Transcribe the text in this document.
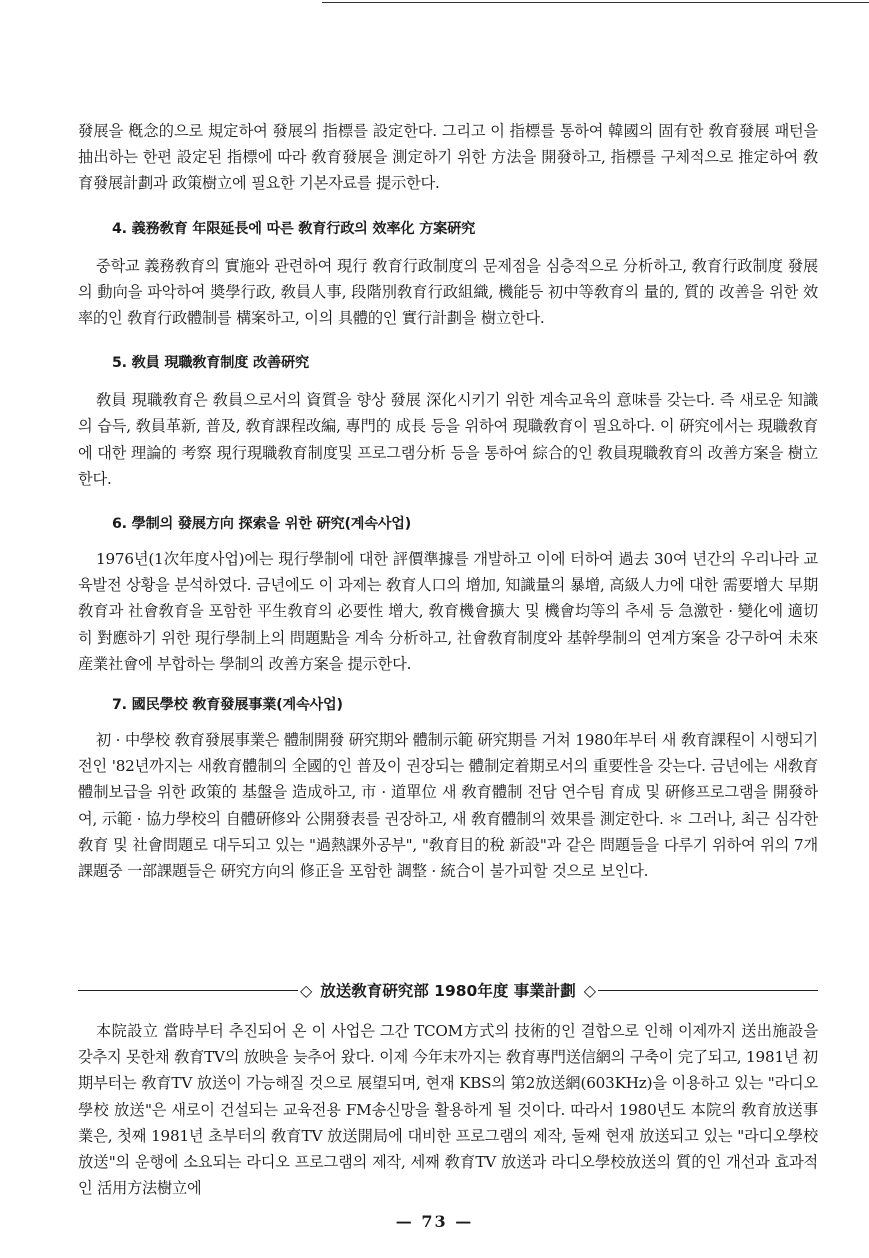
發展을 槪念的으로 規定하여 發展의 指標를 設定한다. 그리고 이 指標를 통하여 韓國의 固有한 敎育發展 패턴을 抽出하는 한편 設定된 指標에 따라 敎育發展을 測定하기 위한 方法을 開發하고, 指標를 구체적으로 推定하여 敎育發展計劃과 政策樹立에 필요한 기본자료를 提示한다.

4. 義務敎育 年限延長에 따른 敎育行政의 效率化 方案硏究

중학교 義務敎育의 實施와 관련하여 現行 敎育行政制度의 문제점을 심층적으로 分析하고, 敎育行政制度 發展의 動向을 파악하여 奬學行政, 敎員人事, 段階別敎育行政組織, 機能등 初中等敎育의 量的, 質的 改善을 위한 效率的인 敎育行政體制를 構案하고, 이의 具體的인 實行計劃을 樹立한다.

5. 敎員 現職敎育制度 改善硏究

敎員 現職敎育은 敎員으로서의 資質을 향상 發展 深化시키기 위한 계속교육의 意味를 갖는다. 즉 새로운 知識의 습득, 敎員革新, 普及, 敎育課程改編, 專門的 成長 등을 위하여 現職敎育이 필요하다. 이 硏究에서는 現職敎育에 대한 理論的 考察 現行現職敎育制度및 프로그램分析 등을 통하여 綜合的인 敎員現職敎育의 改善方案을 樹立한다.

6. 學制의 發展方向 探索을 위한 硏究(계속사업)

1976년(1次年度사업)에는 現行學制에 대한 評價準據를 개발하고 이에 터하여 過去 30여 년간의 우리나라 교육발전 상황을 분석하였다. 금년에도 이 과제는 敎育人口의 增加, 知識量의 暴增, 高級人力에 대한 需要增大 早期敎育과 社會敎育을 포함한 平生敎育의 必要性 增大, 敎育機會擴大 및 機會均等의 추세 등 急激한 · 變化에 適切히 對應하기 위한 現行學制上의 問題點을 계속 分析하고, 社會敎育制度와 基幹學制의 연계方案을 강구하여 未來 産業社會에 부합하는 學制의 改善方案을 提示한다.

7. 國民學校 敎育發展事業(계속사업)

初 · 中學校 敎育發展事業은 體制開發 硏究期와 體制示範 硏究期를 거쳐 1980年부터 새 敎育課程이 시행되기 전인 '82년까지는 새敎育體制의 全國的인 普及이 권장되는 體制定着期로서의 重要性을 갖는다. 금년에는 새敎育體制보급을 위한 政策的 基盤을 造成하고, 市 · 道單位 새 敎育體制 전담 연수팀 育成 및 硏修프로그램을 開發하여, 示範 · 協力學校의 自體硏修와 公開發表를 권장하고, 새 敎育體制의 效果를 測定한다. ＊ 그러나, 최근 심각한 敎育 및 社會問題로 대두되고 있는 "過熱課外공부", "敎育目的稅 新設"과 같은 問題들을 다루기 위하여 위의 7개 課題중 一部課題들은 硏究方向의 修正을 포함한 調整 · 統合이 불가피할 것으로 보인다.

◇ 放送敎育硏究部 1980年度 事業計劃 ◇

本院設立 當時부터 추진되어 온 이 사업은 그간 TCOM方式의 技術的인 결합으로 인해 이제까지 送出施設을 갖추지 못한채 敎育TV의 放映을 늦추어 왔다. 이제 今年末까지는 敎育專門送信網의 구축이 完了되고, 1981년 初期부터는 敎育TV 放送이 가능해질 것으로 展望되며, 현재 KBS의 第2放送網(603KHz)을 이용하고 있는 "라디오學校 放送"은 새로이 건설되는 교육전용 FM송신망을 활용하게 될 것이다. 따라서 1980년도 本院의 敎育放送事業은, 첫째 1981년 초부터의 敎育TV 放送開局에 대비한 프로그램의 제작, 둘째 현재 放送되고 있는 "라디오學校放送"의 운행에 소요되는 라디오 프로그램의 제작, 세째 敎育TV 放送과 라디오學校放送의 質的인 개선과 효과적인 活用方法樹立에

— 73 —
